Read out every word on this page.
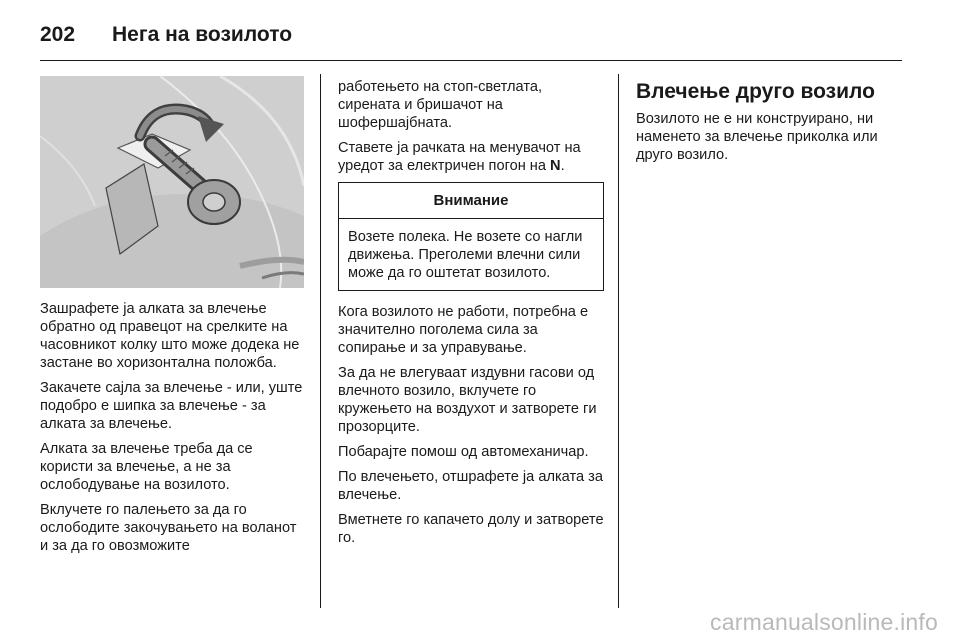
202	Нега на возилото

Зашрафете ја алката за влечење обратно од правецот на срелките на часовникот колку што може додека не застане во хоризонтална положба.

Закачете сајла за влечење - или, уште подобро е шипка за влечење - за алката за влечење.

Алката за влечење треба да се користи за влечење, а не за ослободување на возилото.

Вклучете го палењето за да го ослободите закочувањето на воланот и за да го овозможите

работењето на стоп-светлата, сирената и бришачот на шофершајбната.

Ставете ја рачката на менувачот на уредот за електричен погон на N.

Внимание
Возете полека. Не возете со нагли движења. Преголеми влечни сили може да го оштетат возилото.

Кога возилото не работи, потребна е значително поголема сила за сопирање и за управување.

За да не влегуваат издувни гасови од влечното возило, вклучете го кружењето на воздухот и затворете ги прозорците.

Побарајте помош од автомеханичар.

По влечењето, отшрафете ја алката за влечење.

Вметнете го капачето долу и затворете го.

Влечење друго возило

Возилото не е ни конструирано, ни наменето за влечење приколка или друго возило.

carmanualsonline.info
